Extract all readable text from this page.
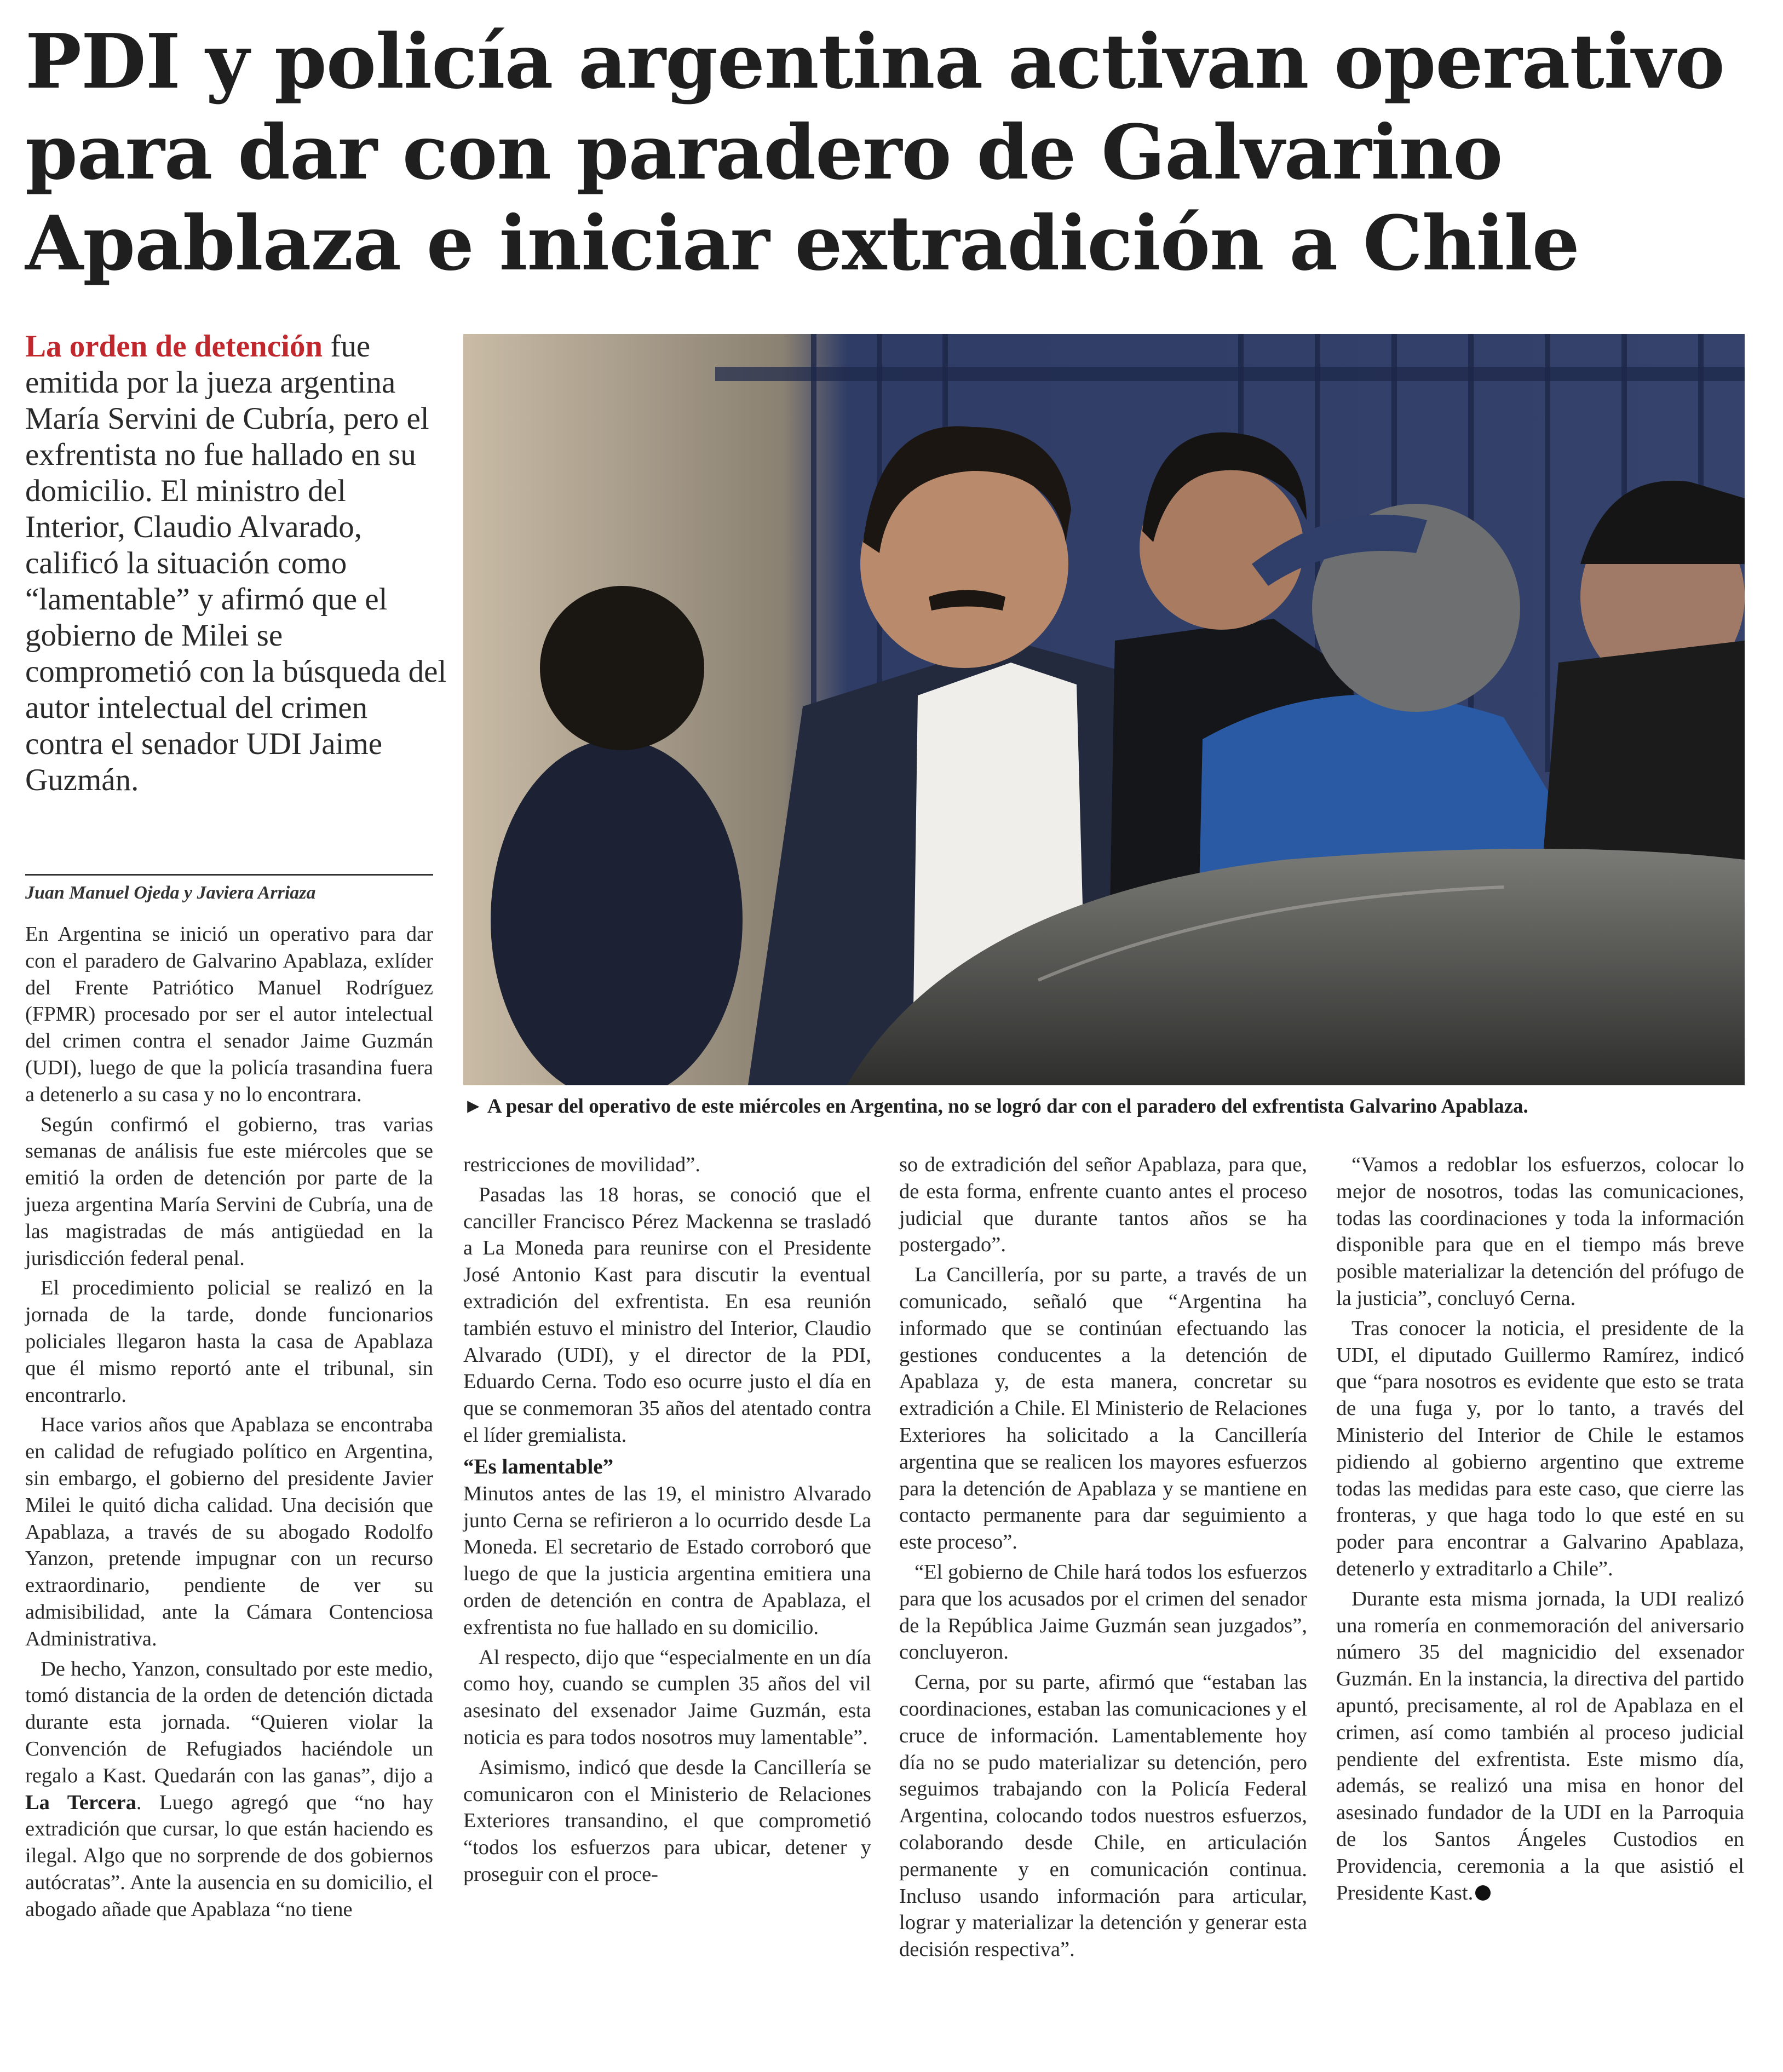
PDI y policía argentina activan operativo para dar con paradero de Galvarino Apablaza e iniciar extradición a Chile
La orden de detención fue emitida por la jueza argentina María Servini de Cubría, pero el exfrentista no fue hallado en su domicilio. El ministro del Interior, Claudio Alvarado, calificó la situación como “lamentable” y afirmó que el gobierno de Milei se comprometió con la búsqueda del autor intelectual del crimen contra el senador UDI Jaime Guzmán.
Juan Manuel Ojeda y Javiera Arriaza
► A pesar del operativo de este miércoles en Argentina, no se logró dar con el paradero del exfrentista Galvarino Apablaza.

En Argentina se inició un operativo para dar con el paradero de Galvarino Apablaza, exlíder del Frente Patriótico Manuel Rodríguez (FPMR) procesado por ser el autor intelectual del crimen contra el senador Jaime Guzmán (UDI), luego de que la policía trasandina fuera a detenerlo a su casa y no lo encontrara.

Según confirmó el gobierno, tras varias semanas de análisis fue este miércoles que se emitió la orden de detención por parte de la jueza argentina María Servini de Cubría, una de las magistradas de más antigüedad en la jurisdicción federal penal.

El procedimiento policial se realizó en la jornada de la tarde, donde funcionarios policiales llegaron hasta la casa de Apablaza que él mismo reportó ante el tribunal, sin encontrarlo.

Hace varios años que Apablaza se encontraba en calidad de refugiado político en Argentina, sin embargo, el gobierno del presidente Javier Milei le quitó dicha calidad. Una decisión que Apablaza, a través de su abogado Rodolfo Yanzon, pretende impugnar con un recurso extraordinario, pendiente de ver su admisibilidad, ante la Cámara Contenciosa Administrativa.

De hecho, Yanzon, consultado por este medio, tomó distancia de la orden de detención dictada durante esta jornada. “Quieren violar la Convención de Refugiados haciéndole un regalo a Kast. Quedarán con las ganas”, dijo a La Tercera. Luego agregó que “no hay extradición que cursar, lo que están haciendo es ilegal. Algo que no sorprende de dos gobiernos autócratas”. Ante la ausencia en su domicilio, el abogado añade que Apablaza “no tiene

restricciones de movilidad”.

Pasadas las 18 horas, se conoció que el canciller Francisco Pérez Mackenna se trasladó a La Moneda para reunirse con el Presidente José Antonio Kast para discutir la eventual extradición del exfrentista. En esa reunión también estuvo el ministro del Interior, Claudio Alvarado (UDI), y el director de la PDI, Eduardo Cerna. Todo eso ocurre justo el día en que se conmemoran 35 años del atentado contra el líder gremialista.

“Es lamentable”

Minutos antes de las 19, el ministro Alvarado junto Cerna se refirieron a lo ocurrido desde La Moneda. El secretario de Estado corroboró que luego de que la justicia argentina emitiera una orden de detención en contra de Apablaza, el exfrentista no fue hallado en su domicilio.

Al respecto, dijo que “especialmente en un día como hoy, cuando se cumplen 35 años del vil asesinato del exsenador Jaime Guzmán, esta noticia es para todos nosotros muy lamentable”.

Asimismo, indicó que desde la Cancillería se comunicaron con el Ministerio de Relaciones Exteriores transandino, el que comprometió “todos los esfuerzos para ubicar, detener y proseguir con el proce-

so de extradición del señor Apablaza, para que, de esta forma, enfrente cuanto antes el proceso judicial que durante tantos años se ha postergado”.

La Cancillería, por su parte, a través de un comunicado, señaló que “Argentina ha informado que se continúan efectuando las gestiones conducentes a la detención de Apablaza y, de esta manera, concretar su extradición a Chile. El Ministerio de Relaciones Exteriores ha solicitado a la Cancillería argentina que se realicen los mayores esfuerzos para la detención de Apablaza y se mantiene en contacto permanente para dar seguimiento a este proceso”.

“El gobierno de Chile hará todos los esfuerzos para que los acusados por el crimen del senador de la República Jaime Guzmán sean juzgados”, concluyeron.

Cerna, por su parte, afirmó que “estaban las coordinaciones, estaban las comunicaciones y el cruce de información. Lamentablemente hoy día no se pudo materializar su detención, pero seguimos trabajando con la Policía Federal Argentina, colocando todos nuestros esfuerzos, colaborando desde Chile, en articulación permanente y en comunicación continua. Incluso usando información para articular, lograr y materializar la detención y generar esta decisión respectiva”.

“Vamos a redoblar los esfuerzos, colocar lo mejor de nosotros, todas las comunicaciones, todas las coordinaciones y toda la información disponible para que en el tiempo más breve posible materializar la detención del prófugo de la justicia”, concluyó Cerna.

Tras conocer la noticia, el presidente de la UDI, el diputado Guillermo Ramírez, indicó que “para nosotros es evidente que esto se trata de una fuga y, por lo tanto, a través del Ministerio del Interior de Chile le estamos pidiendo al gobierno argentino que extreme todas las medidas para este caso, que cierre las fronteras, y que haga todo lo que esté en su poder para encontrar a Galvarino Apablaza, detenerlo y extraditarlo a Chile”.

Durante esta misma jornada, la UDI realizó una romería en conmemoración del aniversario número 35 del magnicidio del exsenador Guzmán. En la instancia, la directiva del partido apuntó, precisamente, al rol de Apablaza en el crimen, así como también al proceso judicial pendiente del exfrentista. Este mismo día, además, se realizó una misa en honor del asesinado fundador de la UDI en la Parroquia de los Santos Ángeles Custodios en Providencia, ceremonia a la que asistió el Presidente Kast.
